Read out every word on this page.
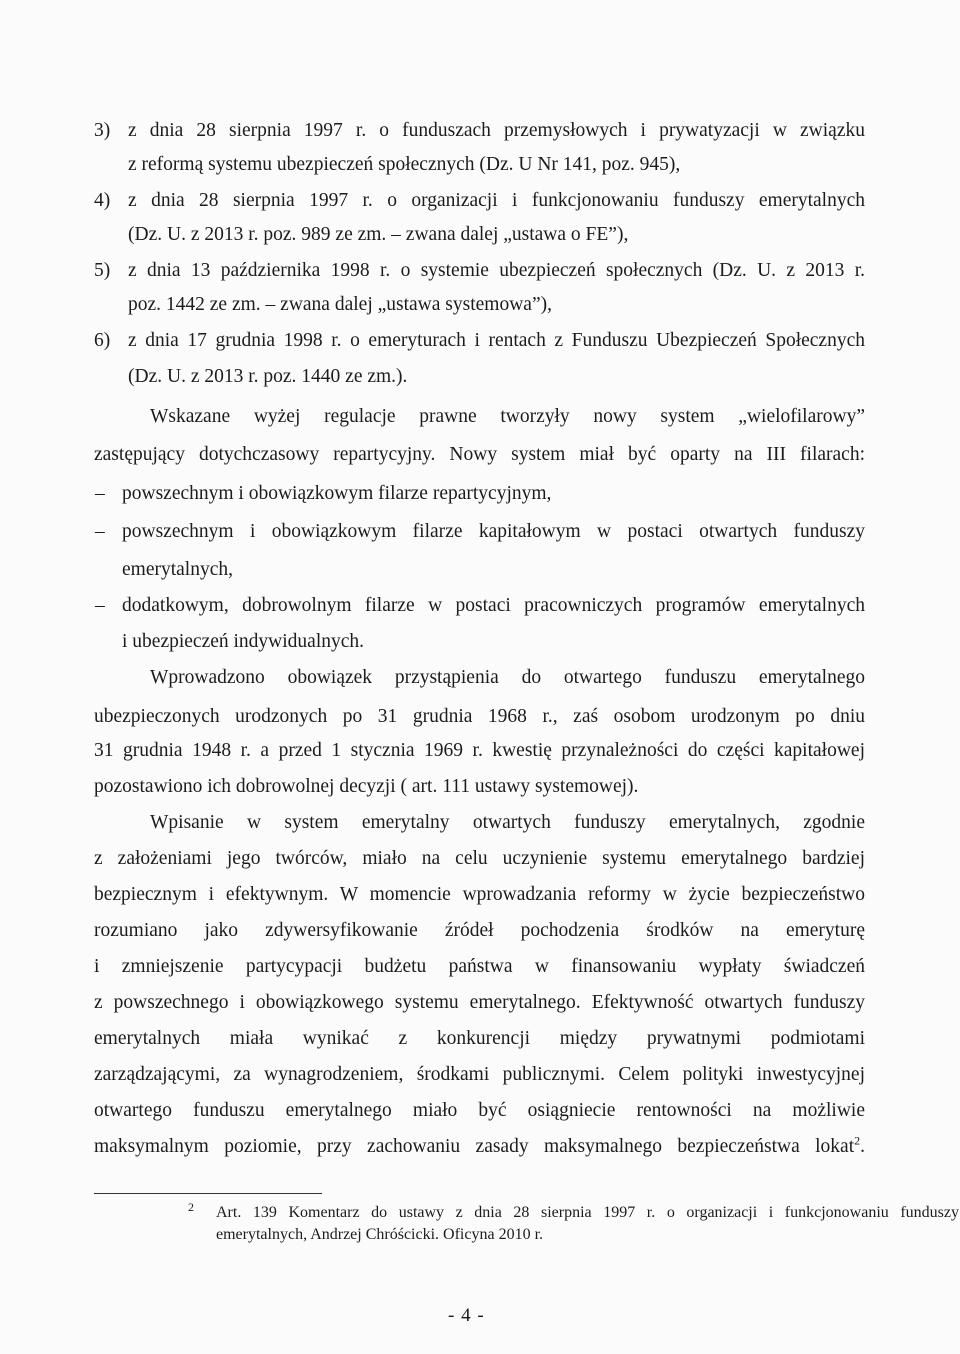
3) z dnia 28 sierpnia 1997 r. o funduszach przemysłowych i prywatyzacji w związku
z reformą systemu ubezpieczeń społecznych (Dz. U Nr 141, poz. 945),
4) z dnia 28 sierpnia 1997 r. o organizacji i funkcjonowaniu funduszy emerytalnych
(Dz. U. z 2013 r. poz. 989 ze zm. – zwana dalej „ustawa o FE”),
5) z dnia 13 października 1998 r. o systemie ubezpieczeń społecznych (Dz. U. z 2013 r.
poz. 1442 ze zm. – zwana dalej „ustawa systemowa”),
6) z dnia 17 grudnia 1998 r. o emeryturach i rentach z Funduszu Ubezpieczeń Społecznych
(Dz. U. z 2013 r. poz. 1440 ze zm.).
Wskazane wyżej regulacje prawne tworzyły nowy system „wielofilarowy”
zastępujący dotychczasowy repartycyjny. Nowy system miał być oparty na III filarach:
– powszechnym i obowiązkowym filarze repartycyjnym,
– powszechnym i obowiązkowym filarze kapitałowym w postaci otwartych funduszy
emerytalnych,
– dodatkowym, dobrowolnym filarze w postaci pracowniczych programów emerytalnych
i ubezpieczeń indywidualnych.
Wprowadzono obowiązek przystąpienia do otwartego funduszu emerytalnego
ubezpieczonych urodzonych po 31 grudnia 1968 r., zaś osobom urodzonym po dniu
31 grudnia 1948 r. a przed 1 stycznia 1969 r. kwestię przynależności do części kapitałowej
pozostawiono ich dobrowolnej decyzji ( art. 111 ustawy systemowej).
Wpisanie w system emerytalny otwartych funduszy emerytalnych, zgodnie
z założeniami jego twórców, miało na celu uczynienie systemu emerytalnego bardziej
bezpiecznym i efektywnym. W momencie wprowadzania reformy w życie bezpieczeństwo
rozumiano jako zdywersyfikowanie źródeł pochodzenia środków na emeryturę
i zmniejszenie partycypacji budżetu państwa w finansowaniu wypłaty świadczeń
z powszechnego i obowiązkowego systemu emerytalnego. Efektywność otwartych funduszy
emerytalnych miała wynikać z konkurencji między prywatnymi podmiotami
zarządzającymi, za wynagrodzeniem, środkami publicznymi. Celem polityki inwestycyjnej
otwartego funduszu emerytalnego miało być osiągniecie rentowności na możliwie
maksymalnym poziomie, przy zachowaniu zasady maksymalnego bezpieczeństwa lokat$^2$.
2 Art. 139 Komentarz do ustawy z dnia 28 sierpnia 1997 r. o organizacji i funkcjonowaniu funduszy
emerytalnych, Andrzej Chróścicki. Oficyna 2010 r.
- 4 -
